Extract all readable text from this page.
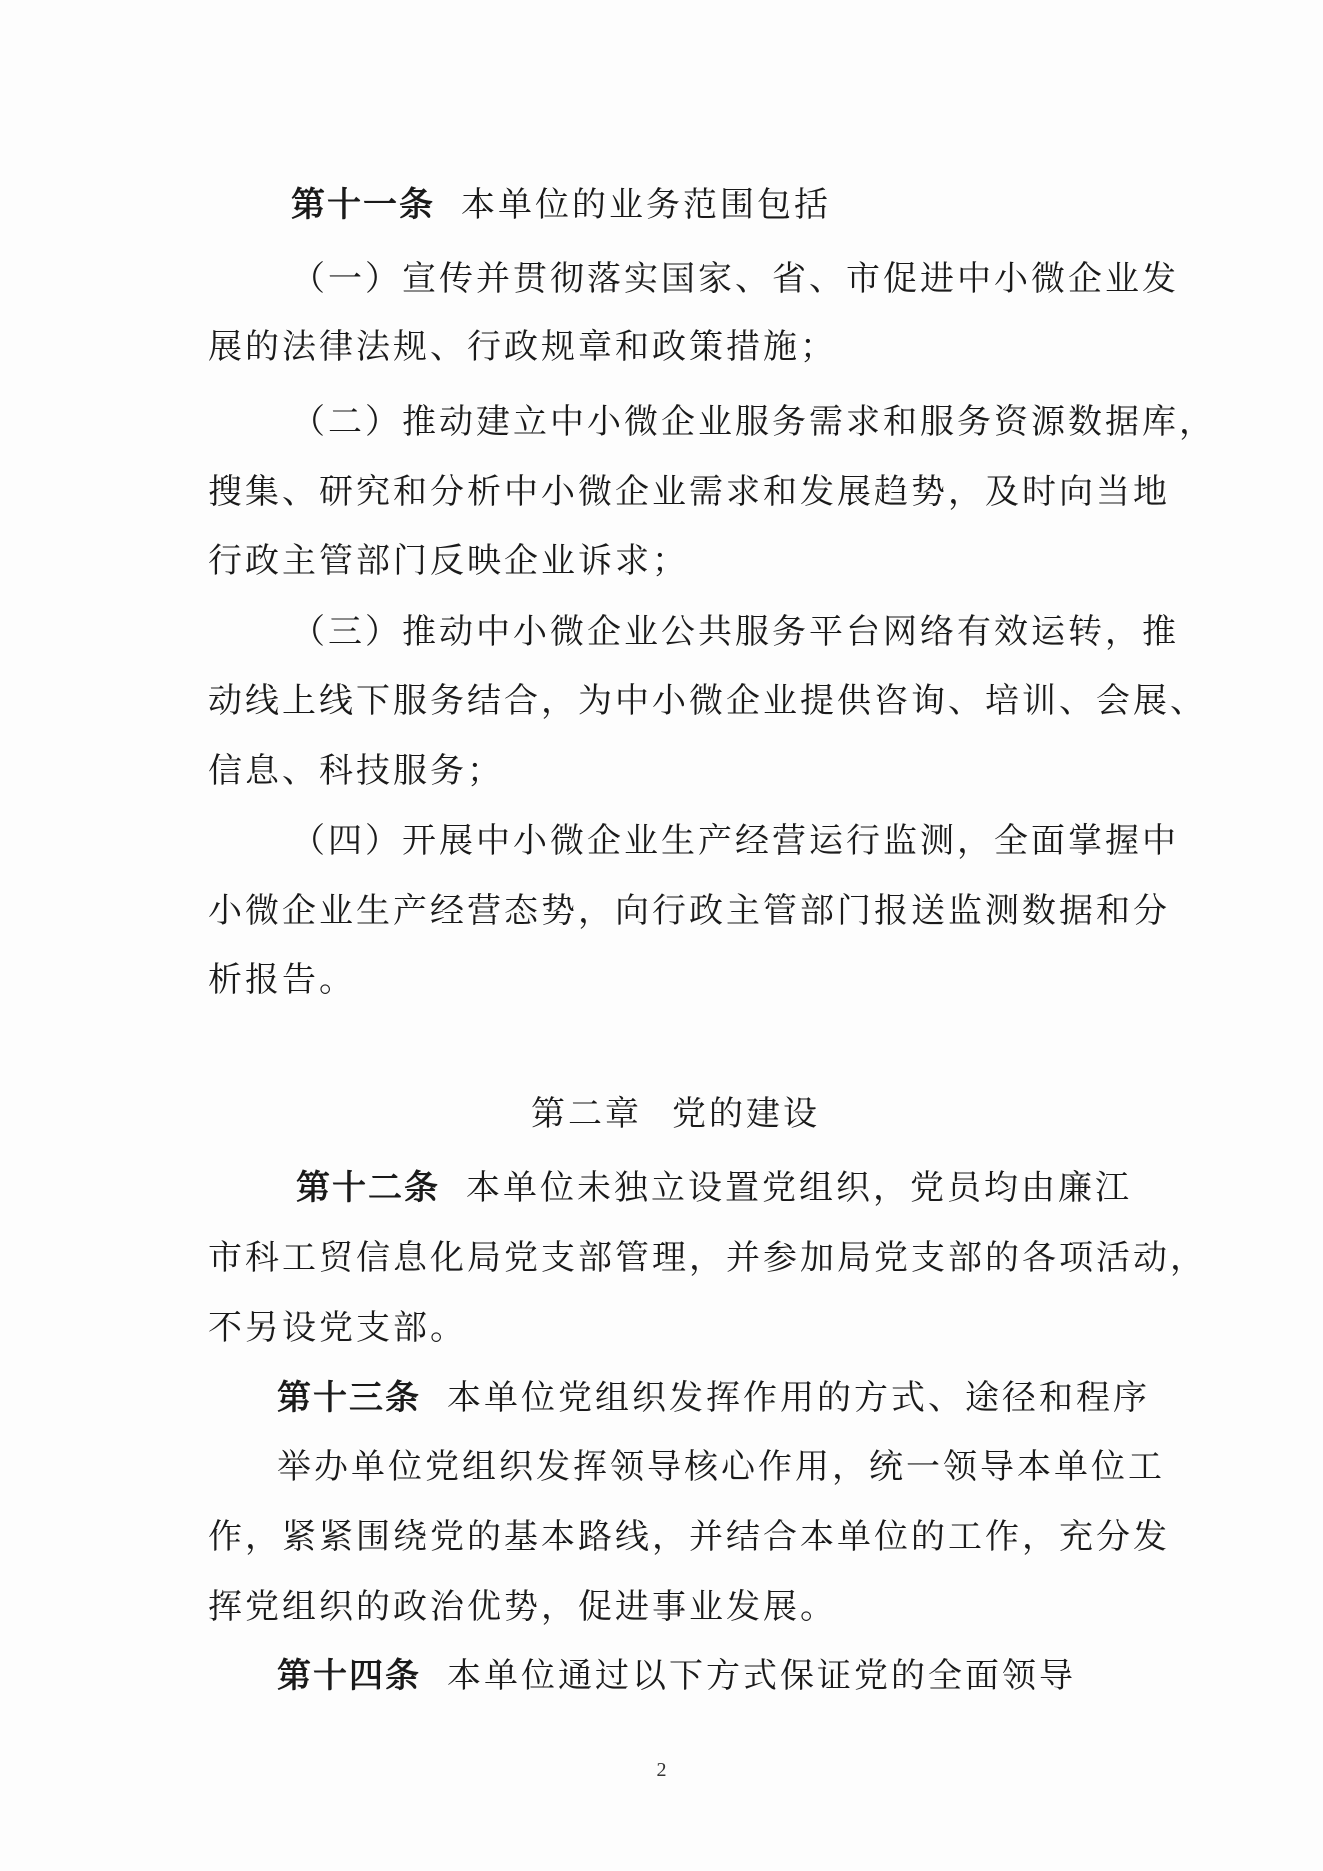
第十一条 本单位的业务范围包括
（一）宣传并贯彻落实国家、省、市促进中小微企业发
展的法律法规、行政规章和政策措施；
（二）推动建立中小微企业服务需求和服务资源数据库，
搜集、研究和分析中小微企业需求和发展趋势，及时向当地
行政主管部门反映企业诉求；
（三）推动中小微企业公共服务平台网络有效运转，推
动线上线下服务结合，为中小微企业提供咨询、培训、会展、
信息、科技服务；
（四）开展中小微企业生产经营运行监测，全面掌握中
小微企业生产经营态势，向行政主管部门报送监测数据和分
析报告。
第二章 党的建设
第十二条 本单位未独立设置党组织，党员均由廉江
市科工贸信息化局党支部管理，并参加局党支部的各项活动，
不另设党支部。
第十三条 本单位党组织发挥作用的方式、途径和程序
举办单位党组织发挥领导核心作用，统一领导本单位工
作，紧紧围绕党的基本路线，并结合本单位的工作，充分发
挥党组织的政治优势，促进事业发展。
第十四条 本单位通过以下方式保证党的全面领导
2
